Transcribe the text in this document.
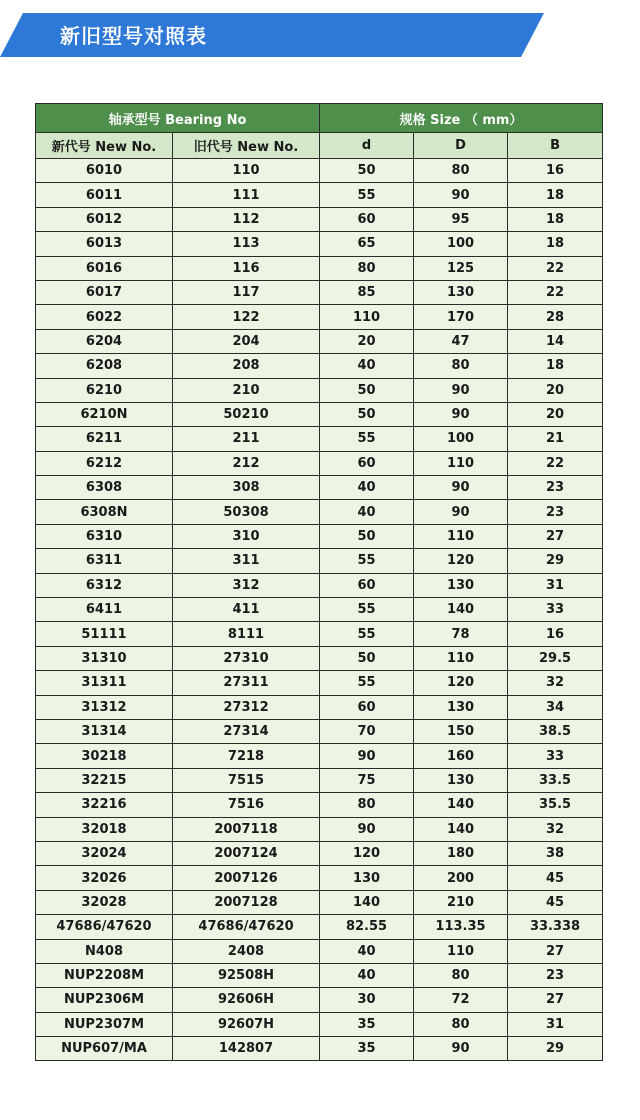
新旧型号对照表
轴承型号 Bearing No		规格 Size （ mm）		
新代号 New No.	旧代号 New No.	d	D	B
6010	110	50	80	16
6011	111	55	90	18
6012	112	60	95	18
6013	113	65	100	18
6016	116	80	125	22
6017	117	85	130	22
6022	122	110	170	28
6204	204	20	47	14
6208	208	40	80	18
6210	210	50	90	20
6210N	50210	50	90	20
6211	211	55	100	21
6212	212	60	110	22
6308	308	40	90	23
6308N	50308	40	90	23
6310	310	50	110	27
6311	311	55	120	29
6312	312	60	130	31
6411	411	55	140	33
51111	8111	55	78	16
31310	27310	50	110	29.5
31311	27311	55	120	32
31312	27312	60	130	34
31314	27314	70	150	38.5
30218	7218	90	160	33
32215	7515	75	130	33.5
32216	7516	80	140	35.5
32018	2007118	90	140	32
32024	2007124	120	180	38
32026	2007126	130	200	45
32028	2007128	140	210	45
47686/47620	47686/47620	82.55	113.35	33.338
N408	2408	40	110	27
NUP2208M	92508H	40	80	23
NUP2306M	92606H	30	72	27
NUP2307M	92607H	35	80	31
NUP607/MA	142807	35	90	29
